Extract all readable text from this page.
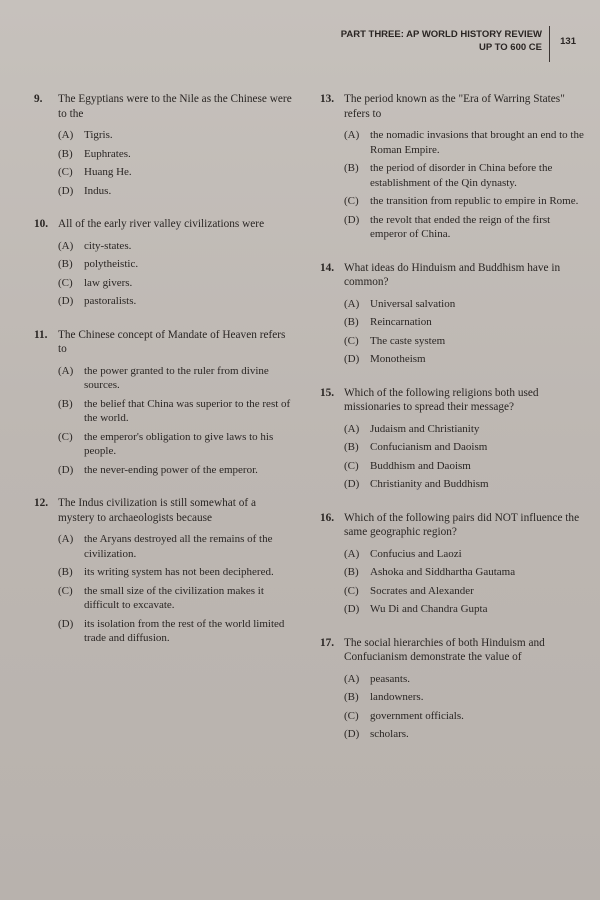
PART THREE: AP WORLD HISTORY REVIEW
UP TO 600 CE
131
9.	The Egyptians were to the Nile as the Chinese were to the
(A) Tigris.
(B)	Euphrates.
(C)	Huang He.
(D) Indus.
10. All of the early river valley civilizations were
(A) city-states.
(B)	polytheistic.
(C)	law givers.
(D) pastoralists.
11. The Chinese concept of Mandate of Heaven refers to
(A) the power granted to the ruler from divine sources.
(B)	the belief that China was superior to the rest of the world.
(C)	the emperor's obligation to give laws to his people.
(D) the never-ending power of the emperor.
12. The Indus civilization is still somewhat of a mystery to archaeologists because
(A) the Aryans destroyed all the remains of the civilization.
(B)	its writing system has not been deciphered.
(C)	the small size of the civilization makes it difficult to excavate.
(D) its isolation from the rest of the world limited trade and diffusion.
13. The period known as the "Era of Warring States" refers to
(A) the nomadic invasions that brought an end to the Roman Empire.
(B)	the period of disorder in China before the establishment of the Qin dynasty.
(C)	the transition from republic to empire in Rome.
(D) the revolt that ended the reign of the first emperor of China.
14. What ideas do Hinduism and Buddhism have in common?
(A) Universal salvation
(B)	Reincarnation
(C)	The caste system
(D) Monotheism
15. Which of the following religions both used missionaries to spread their message?
(A) Judaism and Christianity
(B)	Confucianism and Daoism
(C)	Buddhism and Daoism
(D) Christianity and Buddhism
16. Which of the following pairs did NOT influence the same geographic region?
(A) Confucius and Laozi
(B)	Ashoka and Siddhartha Gautama
(C)	Socrates and Alexander
(D) Wu Di and Chandra Gupta
17. The social hierarchies of both Hinduism and Confucianism demonstrate the value of
(A) peasants.
(B)	landowners.
(C)	government officials.
(D) scholars.
